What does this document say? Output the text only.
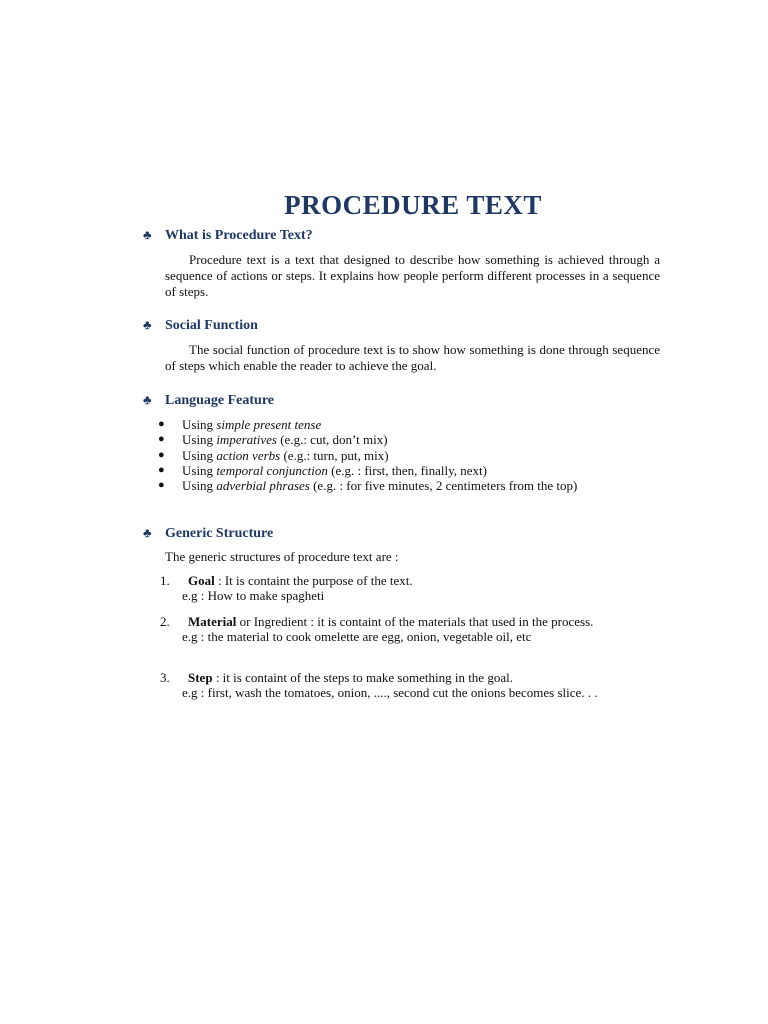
PROCEDURE TEXT
♣ What is Procedure Text?
Procedure text is a text that designed to describe how something is achieved through a sequence of actions or steps. It explains how people perform different processes in a sequence of steps.
♣ Social Function
The social function of procedure text is to show how something is done through sequence of steps which enable the reader to achieve the goal.
♣ Language Feature
● Using simple present tense
● Using imperatives (e.g.: cut, don’t mix)
● Using action verbs (e.g.: turn, put, mix)
● Using temporal conjunction (e.g. : first, then, finally, next)
● Using adverbial phrases (e.g. : for five minutes, 2 centimeters from the top)
♣ Generic Structure
The generic structures of procedure text are :
1.	Goal : It is containt the purpose of the text.
e.g : How to make spagheti
2.	Material or Ingredient : it is containt of the materials that used in the process.
e.g : the material to cook omelette are egg, onion, vegetable oil, etc
3.	Step : it is containt of the steps to make something in the goal.
e.g : first, wash the tomatoes, onion, ...., second cut the onions becomes slice. . .
